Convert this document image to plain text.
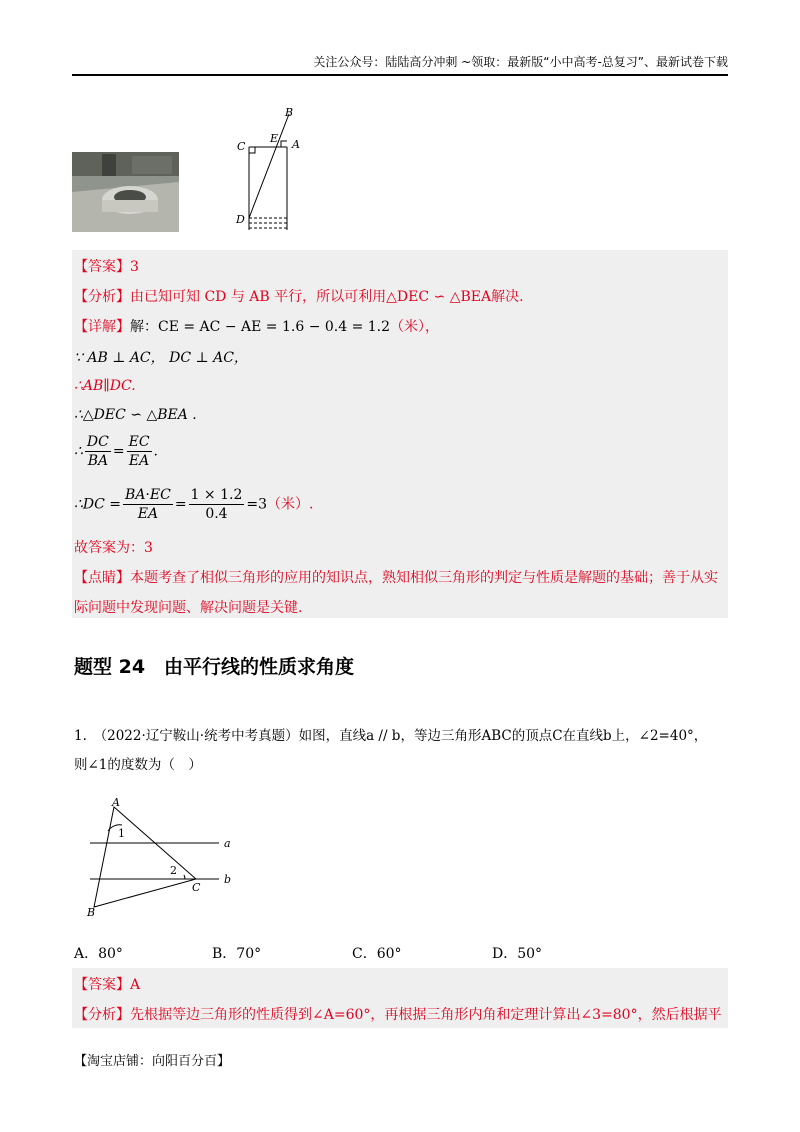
关注公众号：陆陆高分冲刺 ~领取：最新版“小中高考-总复习”、最新试卷下载
B
E
C	A
D
【答案】3
【分析】由已知可知 CD 与 AB 平行，所以可利用△DEC ∽ △BEA解决.
【详解】解：CE = AC − AE = 1.6 − 0.4 = 1.2（米），
∵ AB ⊥ AC， DC ⊥ AC，
∴AB∥DC.
∴△DEC ∽ △BEA .
∴ $\frac{DC}{BA} = \frac{EC}{EA}$ .
∴DC = $\frac{BA\cdot EC}{EA} = \frac{1 \times 1.2}{0.4} =3$（米）.
故答案为：3
【点睛】本题考查了相似三角形的应用的知识点，熟知相似三角形的判定与性质是解题的基础；善于从实
际问题中发现问题、解决问题是关键.
题型 24　由平行线的性质求角度
1.　（2022·辽宁鞍山·统考中考真题）如图，直线a // b，等边三角形ABC的顶点C在直线b上，∠2=40°，
则∠1的度数为（　）
A
1
a
2
C
b
B
A．80°	B．70°	C．60°	D．50°
【答案】A
【分析】先根据等边三角形的性质得到∠A=60°，再根据三角形内角和定理计算出∠3=80°，然后根据平
【淘宝店铺：向阳百分百】
